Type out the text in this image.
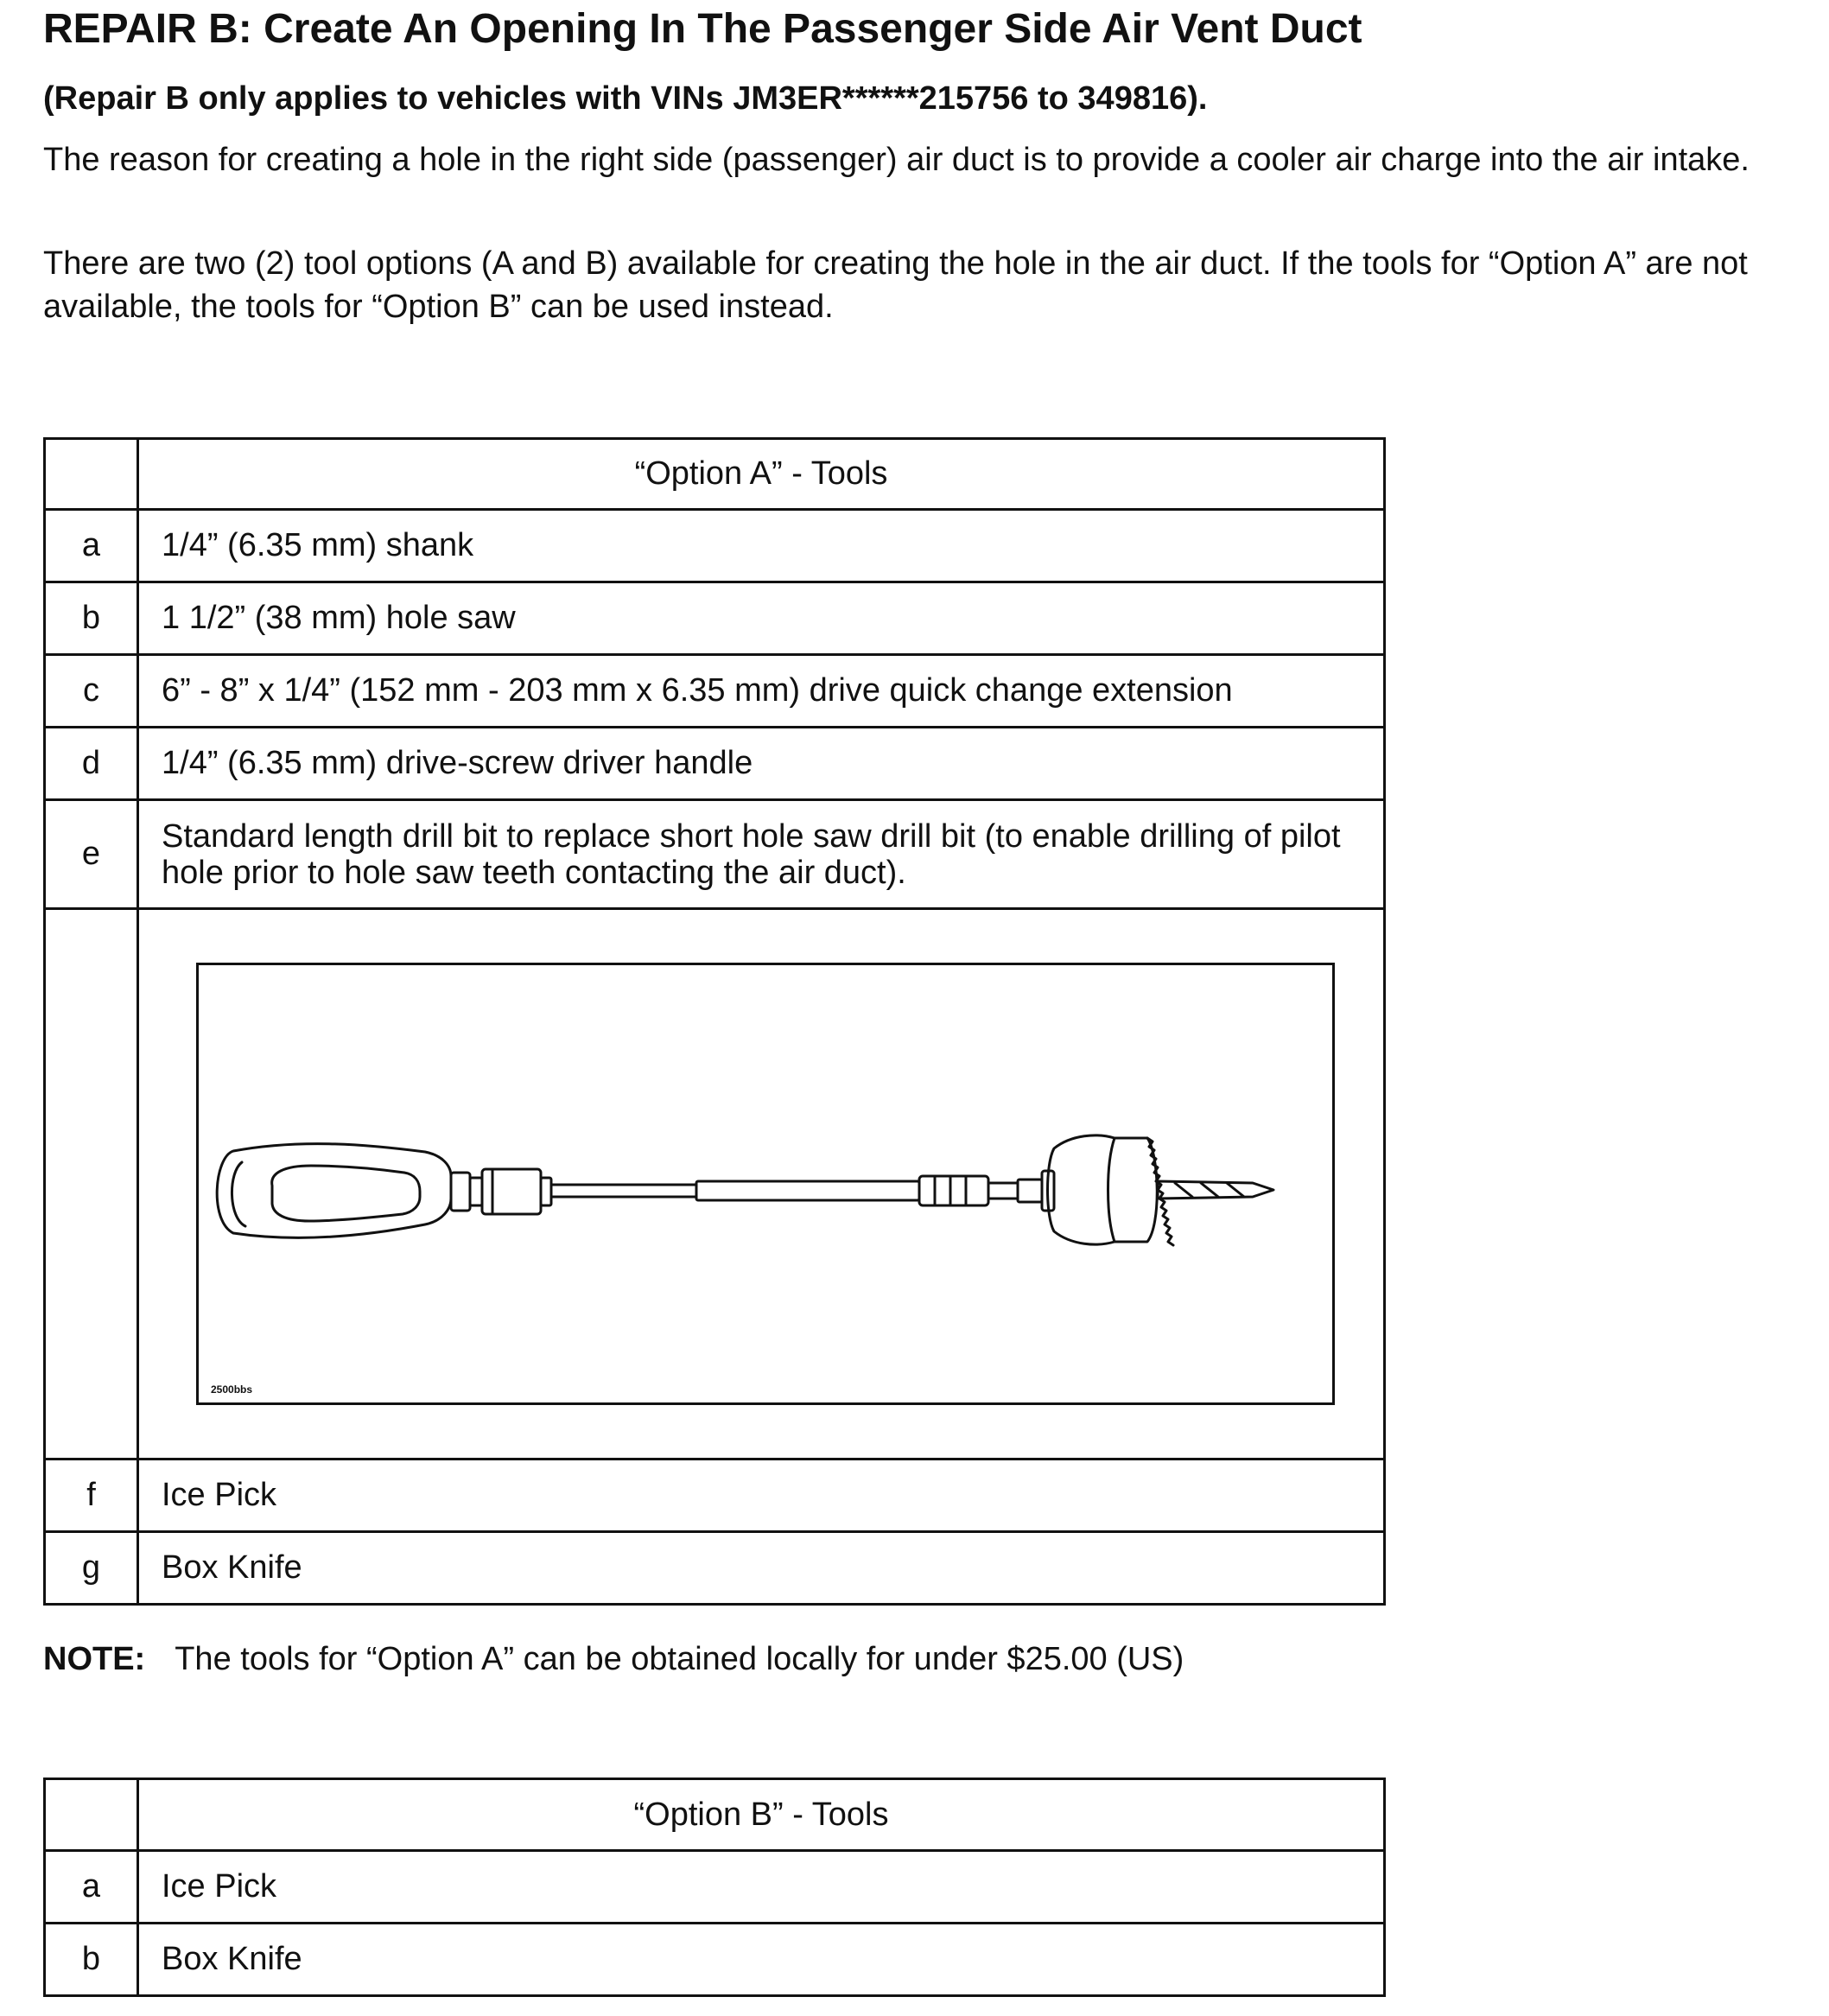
REPAIR B: Create An Opening In The Passenger Side Air Vent Duct

(Repair B only applies to vehicles with VINs JM3ER******215756 to 349816).

The reason for creating a hole in the right side (passenger) air duct is to provide a cooler air charge into the air intake.

There are two (2) tool options (A and B) available for creating the hole in the air duct. If the tools for “Option A” are not available, the tools for “Option B” can be used instead.

	“Option A” - Tools
a	1/4” (6.35 mm) shank
b	1 1/2” (38 mm) hole saw
c	6” - 8” x 1/4” (152 mm - 203 mm x 6.35 mm) drive quick change extension
d	1/4” (6.35 mm) drive-screw driver handle
e	Standard length drill bit to replace short hole saw drill bit (to enable drilling of pilot hole prior to hole saw teeth contacting the air duct).

	2500bbs

f	Ice Pick
g	Box Knife

NOTE: The tools for “Option A” can be obtained locally for under $25.00 (US)

	“Option B” - Tools
a	Ice Pick
b	Box Knife
